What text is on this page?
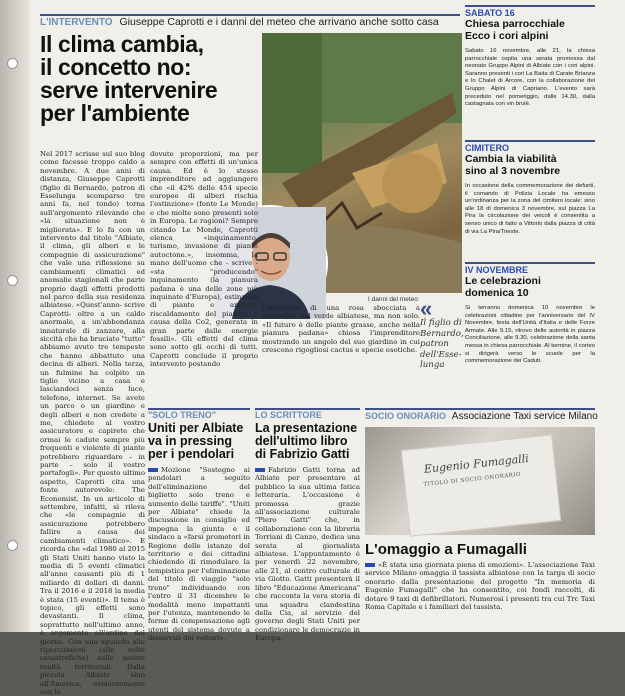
L'INTERVENTO Giuseppe Caprotti e i danni del meteo che arrivano anche sotto casa
Il clima cambia,
il concetto no:
serve intervenire
per l'ambiente
I danni del meteo
Nel 2017 scrisse sul suo blog come facesse troppo caldo a novembre. A due anni di distanza, Giuseppe Caprotti (figlio di Bernardo, patron di Esselunga scomparso tre anni fa, nel tondo) torna sull'argomento rilevando che «la situazione non è migliorata». E lo fa con un intervento dal titolo "Albiate, il clima, gli alberi e le compagnie di assicurazione" che vale una riflessione su cambiamenti climatici ed anomalie stagionali che parte proprio dagli effetti prodotti nel parco della sua residenza albiatese. «Quest'anno- scrive Caprotti- oltre a un caldo anormale, a un'abbondanza innaturale di zanzare, alla siccità che ha bruciato "tutto" abbiamo avuto tre tempeste che hanno abbattuto una decina di alberi. Nella terza, un fulmine ha colpito un tiglio vicino a casa e lasciandoci senza luce, telefono, internet. Se avete un parco o un giardino e degli alberi e non credete a me, chiedete al vostro assicuratore e capirete che ormai le cadute sempre più frequenti e violente di piante potrebbero riguardare – in parte – solo il vostro portafogli». Per questo ultimo aspetto, Caprotti cita una fonte autorevole: The Economist. In un articolo di settembre, infatti, si rileva che «le compagnie di assicurazione potrebbero fallire a causa dei cambiamenti climatico». E ricorda che «dal 1980 al 2015 gli Stati Uniti hanno visto la media di 5 eventi climatici all'anno causanti più di 1 miliardo di dollari di danni. Tra il 2016 e il 2018 la media è stata (15 eventi)». Il tema è topico, gli effetti sono devastanti. Il clima, soprattutto nell'ultimo anno, è argomento all'ordine del giorno. Con uno sguardo alle ripercussioni (alle volte catastrofiche) sulle nostre realtà territoriali. Dalla piccola Albiate sino all'America, evidentemente con le
dovute proporzioni, ma per sempre con effetti di un'unica causa. Ed è lo stesso imprenditore ad aggiungere che «il 42% delle 454 specie europee di alberi rischia l'estinzione» (fonte Le Monde) e che molte sono presenti solo in Europa. Le ragioni? Sempre citando Le Monde, Caprotti elenca «inquinamento, turismo, invasione di piante autoctone.», insomma, la mano dell'uomo che - scrive - «sta "producendo" inquinamento (la pianura padana è una delle zone più inquinate d'Europa), estinzioni di piante e animali, riscaldamento del pianeta a causa della Co2, generata in gran parte dalle energie fossili». Gli effetti del clima sono sotto gli occhi di tutti. Caprotti conclude il proprio intervento postando
l'immagine di una rosa sbocciata a novembre nel verde albiatese, ma non solo. «Il futuro è delle piante grasse, anche nella pianura padana» chiosa l'imprenditore mostrando un angolo del suo giardino in cui crescono rigogliosi cactus e specie esotiche.
«
Il figlio di
Bernardo,
patron
dell'Esse-
lunga
SABATO 16
Chiesa parrocchiale
Ecco i cori alpini
Sabato 16 novembre, alle 21, la chiesa parrocchiale ospita una serata promossa dal neonato Gruppo Alpini di Albiate con i cori alpini. Saranno presenti i cori La Baita di Carate Brianza e lo Chalet di Arcore, con la collaborazione del Gruppo Alpini di Capriano. L'evento sarà preceduto nel pomeriggio, dalle 14.30, dalla castagnata con vin brulé.
CIMITERO
Cambia la viabilità
sino al 3 novembre
In occasione della commemorazione dei defunti, il comando di Polizia Locale ha emesso un'ordinanza per la zona del cimitero locale: sino alle 18 di domenica 3 novembre, sul piazza La Pira la circolazione dei veicoli è consentita a senso unico di fatto a Vittorio dalla piazza di città di via La Pira/Trieste.
IV NOVEMBRE
Le celebrazioni
domenica 10
Si terranno domenica 10 novembre le celebrazioni cittadine per l'anniversario del IV Novembre, festa dell'Unità d'Italia e delle Forze Armate. Alle 9.15, ritrovo delle autorità in piazza Conciliazione, alle 9.30, celebrazione della santa messa in chiesa parrocchiale. Al termine, il corteo si dirigerà verso le scuole per la commemorazione dei Caduti.
"SOLO TRENO"
Uniti per Albiate
va in pressing
per i pendolari
Mozione "Sostegno ai pendolari a seguito dell'eliminazione del biglietto solo treno e aumento delle tariffe". "Uniti per Albiate" chiede la discussione in consiglio ed impegna la giunta e il sindaco a «farsi promotori in Regione delle istanze del territorio e dei cittadini chiedendo di rimodulare la tempistica per l'eliminazione del titolo di viaggio "solo treno" individuando con l'entro il 31 dicembre le modalità meno impattanti per l'utenza, mantenendo le forme di compensazione agli utenti del sistema dovute a disservizi dei vettori».
LO SCRITTORE
La presentazione
dell'ultimo libro
di Fabrizio Gatti
Fabrizio Gatti torna ad Albiate per presentare al pubblico la sua ultima fatica letteraria. L'occasione è promossa grazie all'associazione culturale "Piero Gatti" che, in collaborazione con la libreria Torriani di Canzo, dedica una serata al giornalista albiatese. L'appuntamento è per venerdì 22 novembre, alle 21, al centro culturale di via Giotto. Gatti presenterà il libro "Educazione Americana" che racconta la vera storia di una squadra clandestina della Cia, al servizio del governo degli Stati Uniti per condizionare le democrazie in Europa.
SOCIO ONORARIO Associazione Taxi service Milano
Eugenio Fumagalli
TITOLO DI SOCIO ONORARIO
L'omaggio a Fumagalli
«È stata una giornata piena di emozioni». L'associazione Taxi service Milano omaggia il tassista albiatese con la targa di socio onorario dalla presentazione del progetto "In memoria di Eugenio Fumagalli" che ha consentito, coi fondi raccolti, di dotare 9 taxi di defibrillatori. Numerosi i presenti tra cui Trc Taxi Roma Capitale e i familiari del tassista.
